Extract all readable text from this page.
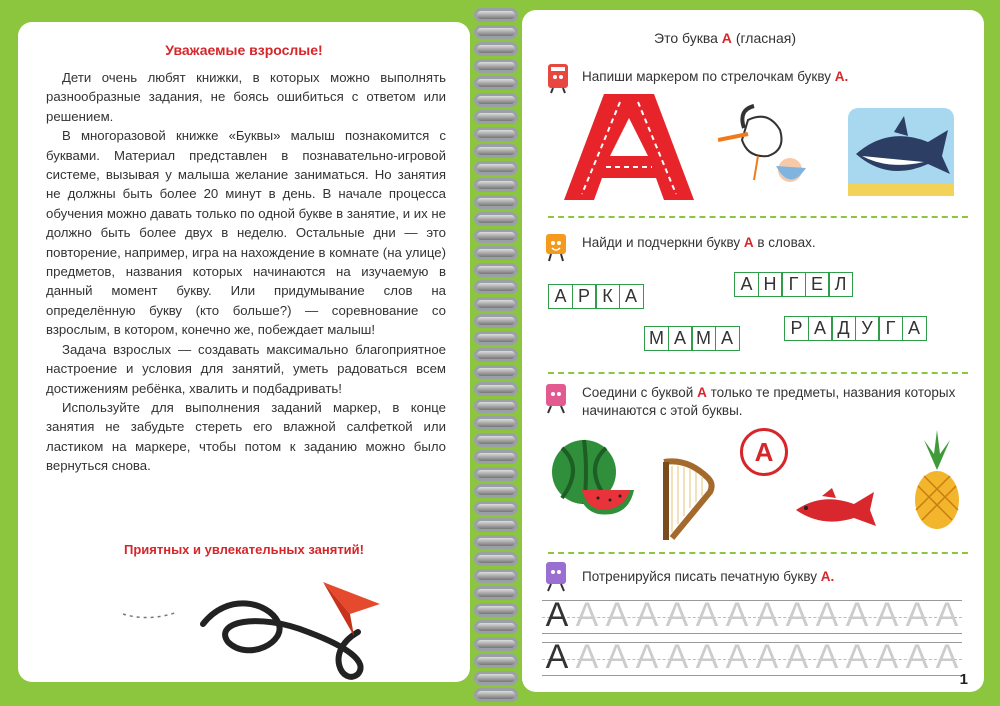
Уважаемые взрослые!

Дети очень любят книжки, в которых можно выполнять разнообразные задания, не боясь ошибиться с ответом или решением.

В многоразовой книжке «Буквы» малыш познакомится с буквами. Материал представлен в познавательно-игровой системе, вызывая у малыша желание заниматься. Но занятия не должны быть более 20 минут в день. В начале процесса обучения можно давать только по одной букве в занятие, и их не должно быть более двух в неделю. Остальные дни — это повторение, например, игра на нахождение в комнате (на улице) предметов, названия которых начинаются на изучаемую в данный момент букву. Или придумывание слов на определённую букву (кто больше?) — соревнование со взрослым, в котором, конечно же, побеждает малыш!

Задача взрослых — создавать максимально благоприятное настроение и условия для занятий, уметь радоваться всем достижениям ребёнка, хвалить и подбадривать!

Используйте для выполнения заданий маркер, в конце занятия не забудьте стереть его влажной салфеткой или ластиком на маркере, чтобы потом к заданию можно было вернуться снова.

Приятных и увлекательных занятий!
Это буква А (гласная)
Напиши маркером по стрелочкам букву А.
Найди и подчеркни букву А в словах.
А Р К А
А Н Г Е Л
М А М А	Р А Д У Г А
Соедини с буквой А только те предметы, названия которых начинаются с этой буквы.
А
Потренируйся писать печатную букву А.
А А А А А А А А А А А А А А
А А А А А А А А А А А А А А
1
